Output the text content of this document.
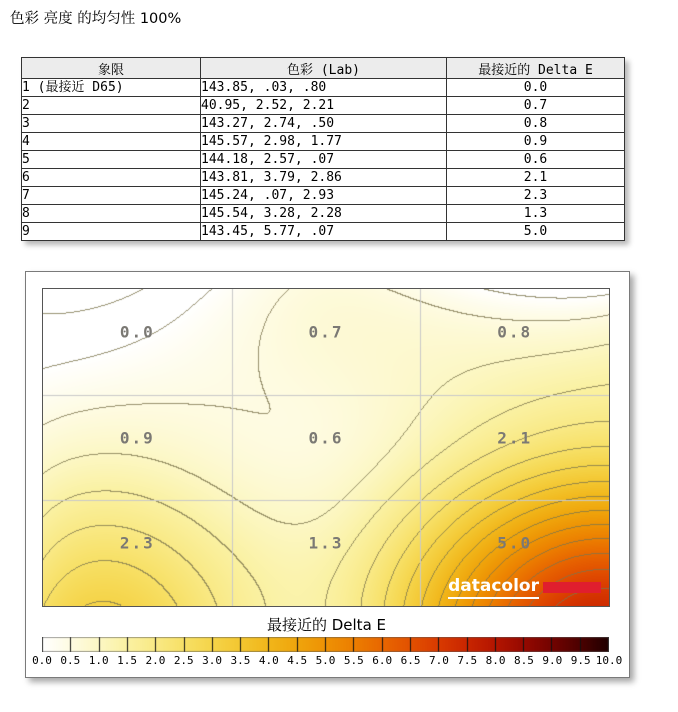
色彩 亮度 的均匀性 100%
象限	色彩 (Lab)	最接近的 Delta E
1 (最接近 D65)	143.85, .03, .80	0.0
2	40.95, 2.52, 2.21	0.7
3	143.27, 2.74, .50	0.8
4	145.57, 2.98, 1.77	0.9
5	144.18, 2.57, .07	0.6
6	143.81, 3.79, 2.86	2.1
7	145.24, .07, 2.93	2.3
8	145.54, 3.28, 2.28	1.3
9	143.45, 5.77, .07	5.0
0.0	0.7	0.8
0.9	0.6	2.1
2.3	1.3	5.0
datacolor
最接近的 Delta E
0.0 0.5 1.0 1.5 2.0 2.5 3.0 3.5 4.0 4.5 5.0 5.5 6.0 6.5 7.0 7.5 8.0 8.5 9.0 9.5 10.0
